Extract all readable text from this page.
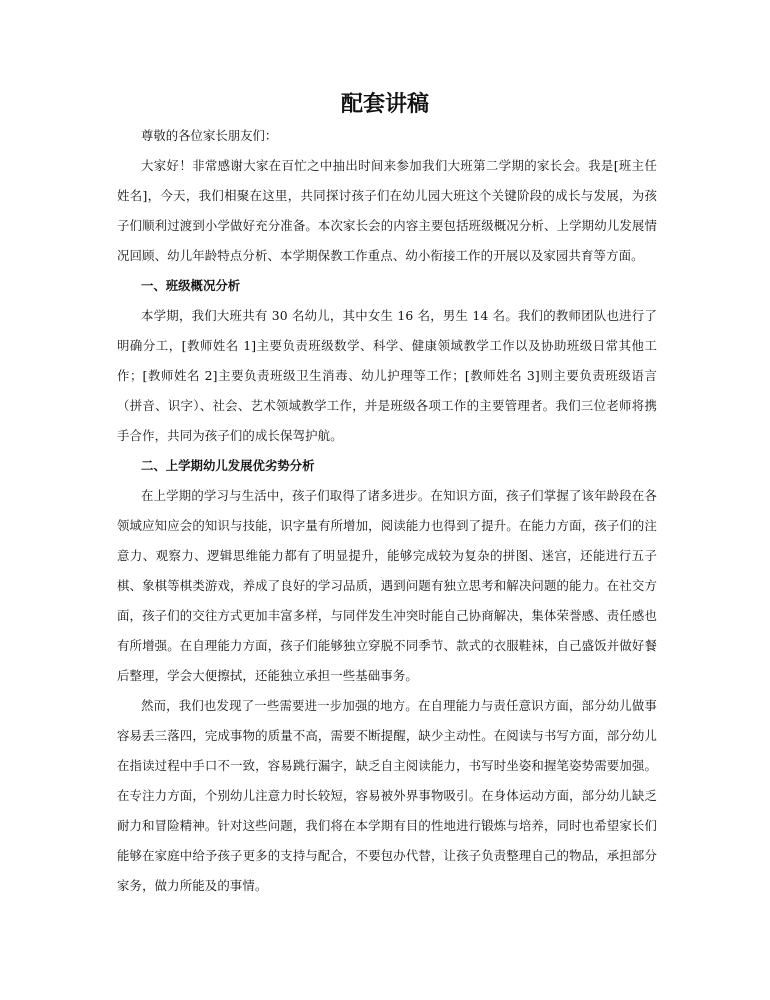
配套讲稿

尊敬的各位家长朋友们：

大家好！非常感谢大家在百忙之中抽出时间来参加我们大班第二学期的家长会。我是[班主任姓名]，今天，我们相聚在这里，共同探讨孩子们在幼儿园大班这个关键阶段的成长与发展，为孩子们顺利过渡到小学做好充分准备。本次家长会的内容主要包括班级概况分析、上学期幼儿发展情况回顾、幼儿年龄特点分析、本学期保教工作重点、幼小衔接工作的开展以及家园共育等方面。

一、班级概况分析

本学期，我们大班共有 30 名幼儿，其中女生 16 名，男生 14 名。我们的教师团队也进行了明确分工，[教师姓名 1]主要负责班级数学、科学、健康领域教学工作以及协助班级日常其他工作；[教师姓名 2]主要负责班级卫生消毒、幼儿护理等工作；[教师姓名 3]则主要负责班级语言（拼音、识字）、社会、艺术领域教学工作，并是班级各项工作的主要管理者。我们三位老师将携手合作，共同为孩子们的成长保驾护航。

二、上学期幼儿发展优劣势分析

在上学期的学习与生活中，孩子们取得了诸多进步。在知识方面，孩子们掌握了该年龄段在各领域应知应会的知识与技能，识字量有所增加，阅读能力也得到了提升。在能力方面，孩子们的注意力、观察力、逻辑思维能力都有了明显提升，能够完成较为复杂的拼图、迷宫，还能进行五子棋、象棋等棋类游戏，养成了良好的学习品质，遇到问题有独立思考和解决问题的能力。在社交方面，孩子们的交往方式更加丰富多样，与同伴发生冲突时能自己协商解决，集体荣誉感、责任感也有所增强。在自理能力方面，孩子们能够独立穿脱不同季节、款式的衣服鞋袜，自己盛饭并做好餐后整理，学会大便擦拭，还能独立承担一些基础事务。

然而，我们也发现了一些需要进一步加强的地方。在自理能力与责任意识方面，部分幼儿做事容易丢三落四，完成事物的质量不高，需要不断提醒，缺少主动性。在阅读与书写方面，部分幼儿在指读过程中手口不一致，容易跳行漏字，缺乏自主阅读能力，书写时坐姿和握笔姿势需要加强。在专注力方面，个别幼儿注意力时长较短，容易被外界事物吸引。在身体运动方面，部分幼儿缺乏耐力和冒险精神。针对这些问题，我们将在本学期有目的性地进行锻炼与培养，同时也希望家长们能够在家庭中给予孩子更多的支持与配合，不要包办代替，让孩子负责整理自己的物品，承担部分家务，做力所能及的事情。
